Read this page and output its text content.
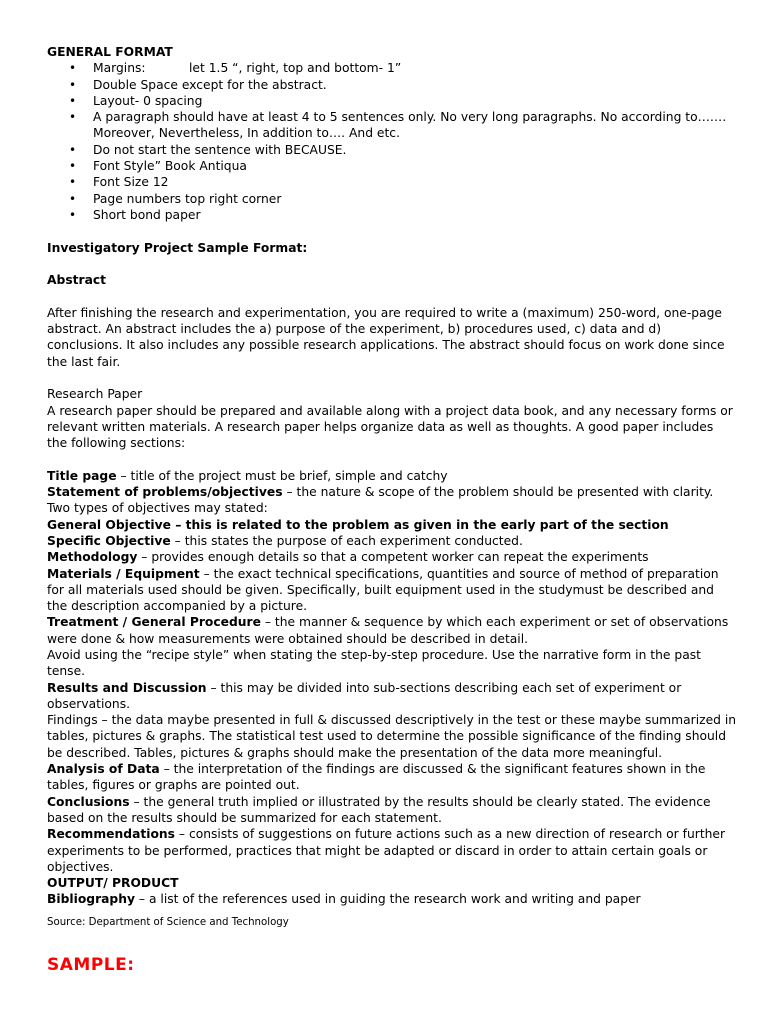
GENERAL FORMAT

• Margins:	let 1.5 “, right, top and bottom- 1”
• Double Space except for the abstract.
• Layout- 0 spacing
• A paragraph should have at least 4 to 5 sentences only. No very long paragraphs. No according to……. Moreover, Nevertheless, In addition to…. And etc.
• Do not start the sentence with BECAUSE.
• Font Style” Book Antiqua
• Font Size 12
• Page numbers top right corner
• Short bond paper

Investigatory Project Sample Format:

Abstract

After finishing the research and experimentation, you are required to write a (maximum) 250-word, one-page abstract. An abstract includes the a) purpose of the experiment, b) procedures used, c) data and d) conclusions. It also includes any possible research applications. The abstract should focus on work done since the last fair.

Research Paper

A research paper should be prepared and available along with a project data book, and any necessary forms or relevant written materials. A research paper helps organize data as well as thoughts. A good paper includes the following sections:

Title page – title of the project must be brief, simple and catchy

Statement of problems/objectives – the nature & scope of the problem should be presented with clarity. Two types of objectives may stated:

General Objective – this is related to the problem as given in the early part of the section

Specific Objective – this states the purpose of each experiment conducted.

Methodology – provides enough details so that a competent worker can repeat the experiments

Materials / Equipment – the exact technical specifications, quantities and source of method of preparation for all materials used should be given. Specifically, built equipment used in the studymust be described and the description accompanied by a picture.

Treatment / General Procedure – the manner & sequence by which each experiment or set of observations were done & how measurements were obtained should be described in detail.

Avoid using the “recipe style” when stating the step-by-step procedure. Use the narrative form in the past tense.

Results and Discussion – this may be divided into sub-sections describing each set of experiment or observations.

Findings – the data maybe presented in full & discussed descriptively in the test or these maybe summarized in tables, pictures & graphs. The statistical test used to determine the possible significance of the finding should be described. Tables, pictures & graphs should make the presentation of the data more meaningful.

Analysis of Data – the interpretation of the findings are discussed & the significant features shown in the tables, figures or graphs are pointed out.

Conclusions – the general truth implied or illustrated by the results should be clearly stated. The evidence based on the results should be summarized for each statement.

Recommendations – consists of suggestions on future actions such as a new direction of research or further experiments to be performed, practices that might be adapted or discard in order to attain certain goals or objectives.

OUTPUT/ PRODUCT

Bibliography – a list of the references used in guiding the research work and writing and paper

Source: Department of Science and Technology

SAMPLE:
